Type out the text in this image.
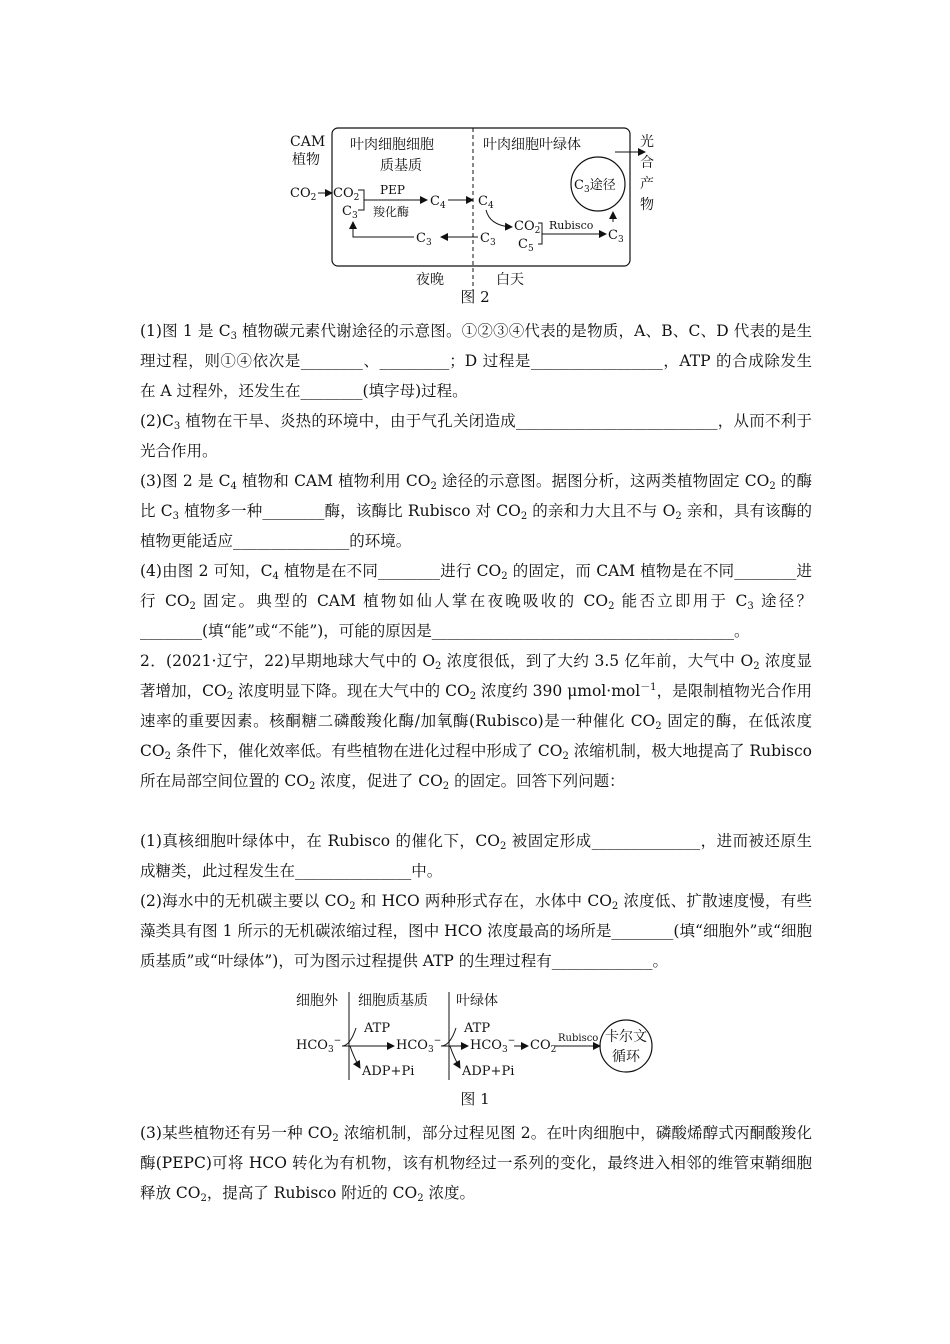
CAM
植物
叶肉细胞细胞
质基质
叶肉细胞叶绿体
$C_3$途径
光
合
产
物
$CO_2$ $CO_2$
$C_3$
PEP
羧化酶
$C_4$ $C_4$
$CO_2$
$C_5$
Rubisco
$C_3$
$C_3$
$C_3$
夜晚	白天
图 2
(1)图 1 是 $C_3$ 植物碳元素代谢途径的示意图。①②③④代表的是物质，A、B、C、D 代表的是生理过程，则①④依次是________、_________；D 过程是_________________，ATP 的合成除发生在 A 过程外，还发生在________(填字母)过程。
$(2)C_3$ 植物在干旱、炎热的环境中，由于气孔关闭造成__________________________，从而不利于光合作用。
(3)图 2 是 $C_4$ 植物和 CAM 植物利用 $CO_2$ 途径的示意图。据图分析，这两类植物固定 $CO_2$ 的酶比 $C_3$ 植物多一种________酶，该酶比 Rubisco 对 $CO_2$ 的亲和力大且不与 $O_2$ 亲和，具有该酶的植物更能适应_______________的环境。
(4)由图 2 可知，$C_4$ 植物是在不同________进行 $CO_2$ 的固定，而 CAM 植物是在不同________进行 $CO_2$ 固定。典型的 CAM 植物如仙人掌在夜晚吸收的 $CO_2$ 能否立即用于 $C_3$ 途径？________(填“能”或“不能”)，可能的原因是_______________________________________。
2．(2021·辽宁，22)早期地球大气中的 $O_2$ 浓度很低，到了大约 3.5 亿年前，大气中 $O_2$ 浓度显著增加，$CO_2$ 浓度明显下降。现在大气中的 $CO_2$ 浓度约 390 μmol·mol$^{-1}$，是限制植物光合作用速率的重要因素。核酮糖二磷酸羧化酶/加氧酶(Rubisco)是一种催化 $CO_2$ 固定的酶，在低浓度 $CO_2$ 条件下，催化效率低。有些植物在进化过程中形成了 $CO_2$ 浓缩机制，极大地提高了 Rubisco 所在局部空间位置的 $CO_2$ 浓度，促进了 $CO_2$ 的固定。回答下列问题：
(1)真核细胞叶绿体中，在 Rubisco 的催化下，$CO_2$ 被固定形成______________，进而被还原生成糖类，此过程发生在_______________中。
(2)海水中的无机碳主要以 $CO_2$ 和 HCO 两种形式存在，水体中 $CO_2$ 浓度低、扩散速度慢，有些藻类具有图 1 所示的无机碳浓缩过程，图中 HCO 浓度最高的场所是________(填“细胞外”或“细胞质基质”或“叶绿体”)，可为图示过程提供 ATP 的生理过程有_____________。
细胞外 细胞质基质 叶绿体
$HCO_3^-$
ATP
ADP+Pi
$HCO_3^-$
ATP
ADP+Pi
$HCO_3^-$ $CO_2$
Rubisco 卡尔文
循环
图 1
(3)某些植物还有另一种 $CO_2$ 浓缩机制，部分过程见图 2。在叶肉细胞中，磷酸烯醇式丙酮酸羧化酶(PEPC)可将 HCO 转化为有机物，该有机物经过一系列的变化，最终进入相邻的维管束鞘细胞释放 $CO_2$，提高了 Rubisco 附近的 $CO_2$ 浓度。
